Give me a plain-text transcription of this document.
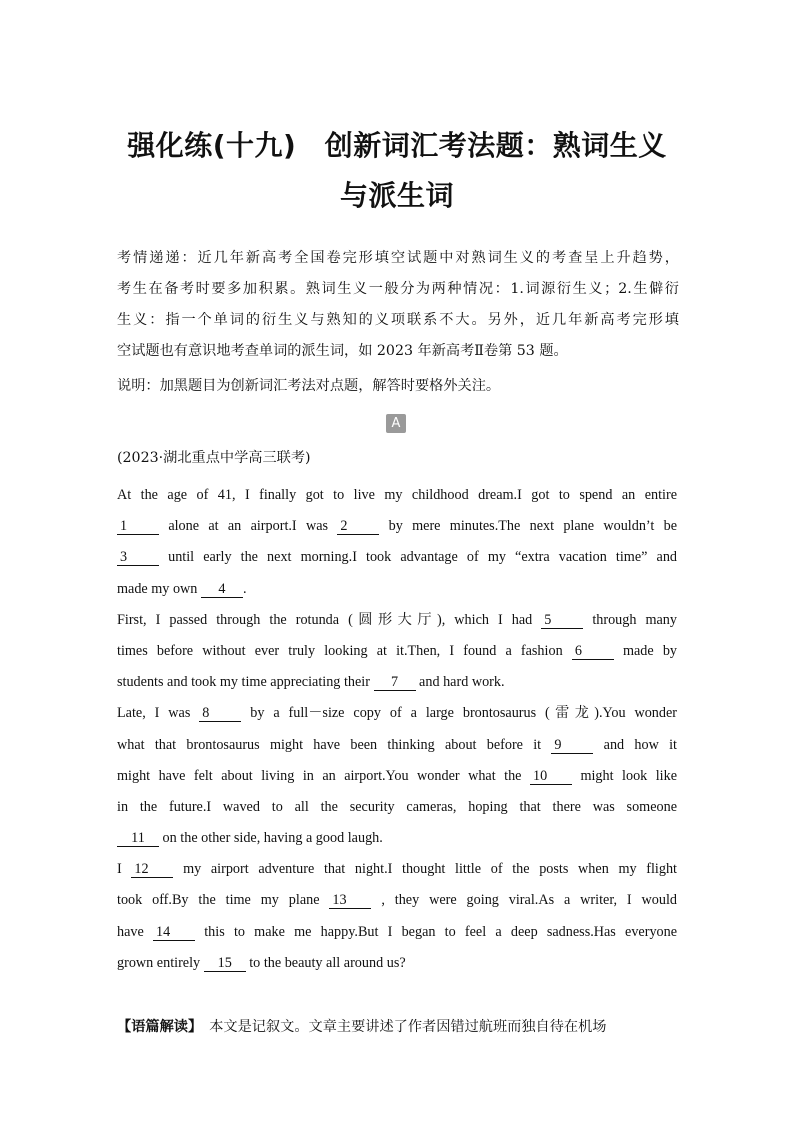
强化练(十九)　创新词汇考法题：熟词生义
与派生词
考情递递：近几年新高考全国卷完形填空试题中对熟词生义的考查呈上升趋势，
考生在备考时要多加积累。熟词生义一般分为两种情况：1.词源衍生义；2.生僻衍
生义：指一个单词的衍生义与熟知的义项联系不大。另外，近几年新高考完形填
空试题也有意识地考查单词的派生词，如 2023 年新高考Ⅱ卷第 53 题。
说明：加黑题目为创新词汇考法对点题，解答时要格外关注。
A
(2023·湖北重点中学高三联考)
At the age of 41, I finally got to live my childhood dream.I got to spend an entire
1	alone at an airport.I was 2	by mere minutes.The next plane wouldn’t be
3	until early the next morning.I took advantage of my “extra vacation time” and
made my own 4 .
First, I passed through the rotunda (圆形大厅), which I had 5	through many
times before without ever truly looking at it.Then, I found a fashion 6	made by
students and took my time appreciating their 7 and hard work.
Late, I was 8	by a full－size copy of a large brontosaurus (雷龙).You wonder
what that brontosaurus might have been thinking about before it 9	and how it
might have felt about living in an airport.You wonder what the 10 might look like
in the future.I waved to all the security cameras, hoping that there was someone
11 on the other side, having a good laugh.
I 12 my airport adventure that night.I thought little of the posts when my flight
took off.By the time my plane 13 , they were going viral.As a writer, I would
have 14 this to make me happy.But I began to feel a deep sadness.Has everyone
grown entirely 15 to the beauty all around us?
【语篇解读】　本文是记叙文。文章主要讲述了作者因错过航班而独自待在机场
